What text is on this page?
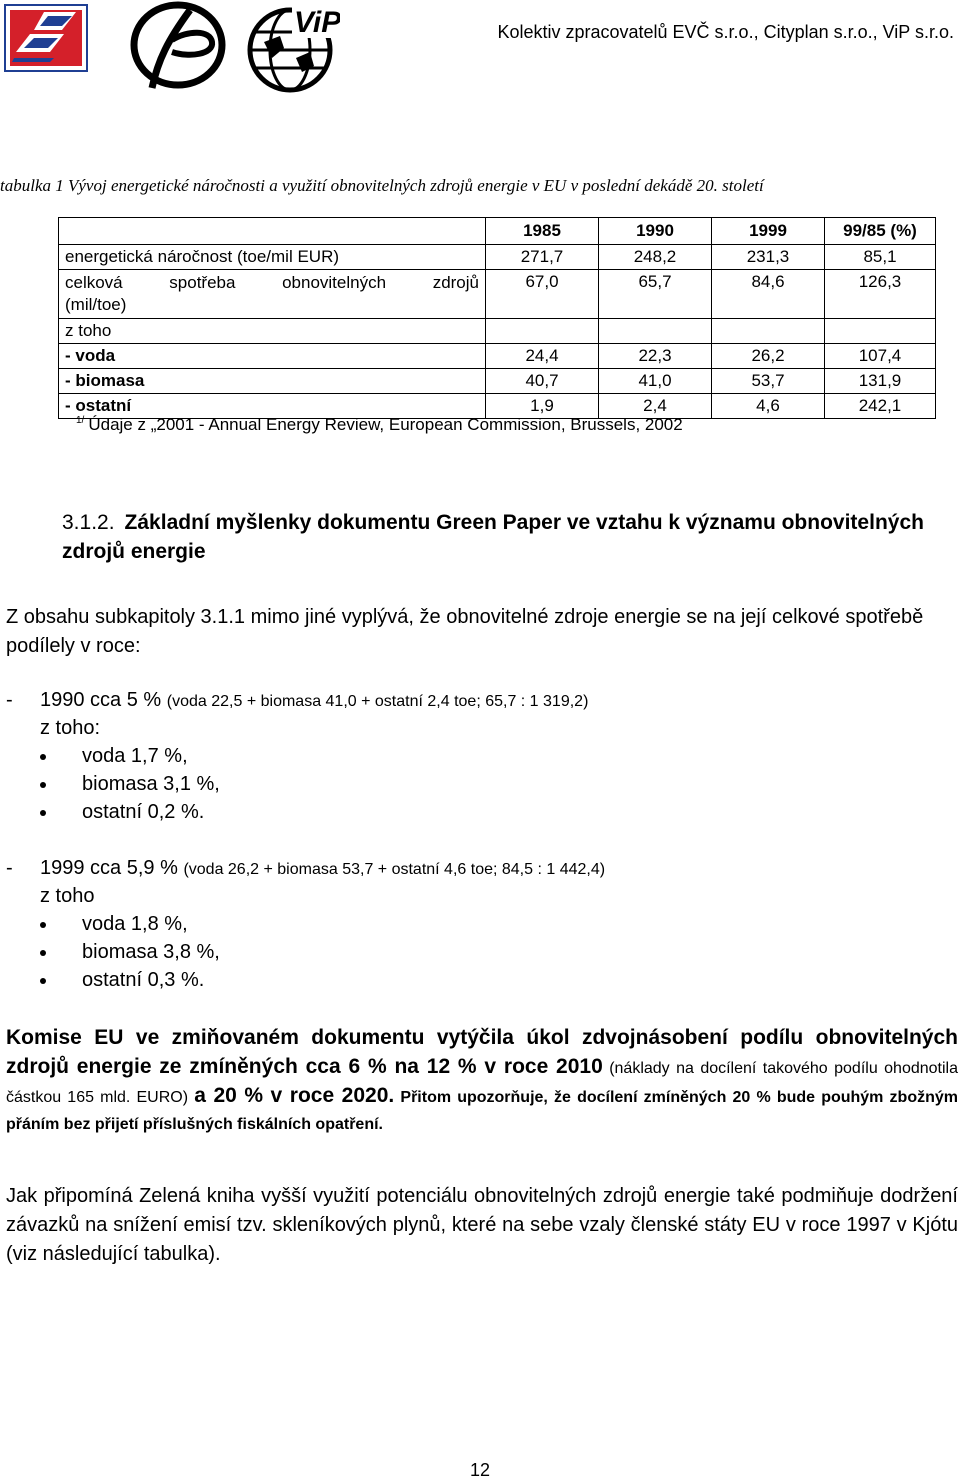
ViP	Kolektiv zpracovatelů EVČ s.r.o., Cityplan s.r.o., ViP s.r.o.
tabulka 1 Vývoj energetické náročnosti a využití obnovitelných zdrojů energie v EU v poslední dekádě 20. století
	1985	1990	1999	99/85 (%)
energetická náročnost (toe/mil EUR)	271,7	248,2	231,3	85,1

celková spotřeba obnovitelných zdrojů
(mil/toe)	67,0	65,7	84,6	126,3
z toho				
- voda	24,4	22,3	26,2	107,4
- biomasa	40,7	41,0	53,7	131,9
- ostatní	1,9	2,4	4,6	242,1
$^{1/}$ Údaje z „2001 - Annual Energy Review, European Commission, Brussels, 2002
3.1.2. Základní myšlenky dokumentu Green Paper ve vztahu k významu obnovitelných zdrojů energie
Z obsahu subkapitoly 3.1.1 mimo jiné vyplývá, že obnovitelné zdroje energie se na její celkové spotřebě podílely v roce:
- 1990 cca 5 % (voda 22,5 + biomasa 41,0 + ostatní 2,4 toe; 65,7 : 1 319,2)
z toho:
voda 1,7 %,
biomasa 3,1 %,
ostatní 0,2 %.
- 1999 cca 5,9 % (voda 26,2 + biomasa 53,7 + ostatní 4,6 toe; 84,5 : 1 442,4)
z toho
voda 1,8 %,
biomasa 3,8 %,
ostatní 0,3 %.
Komise EU ve zmiňovaném dokumentu vytýčila úkol zdvojnásobení podílu obnovitelných zdrojů energie ze zmíněných cca 6 % na 12 % v roce 2010 (náklady na docílení takového podílu ohodnotila částkou 165 mld. EURO) a 20 % v roce 2020. Přitom upozorňuje, že docílení zmíněných 20 % bude pouhým zbožným přáním bez přijetí příslušných fiskálních opatření.
Jak připomíná Zelená kniha vyšší využití potenciálu obnovitelných zdrojů energie také podmiňuje dodržení závazků na snížení emisí tzv. skleníkových plynů, které na sebe vzaly členské státy EU v roce 1997 v Kjótu (viz následující tabulka).
12
